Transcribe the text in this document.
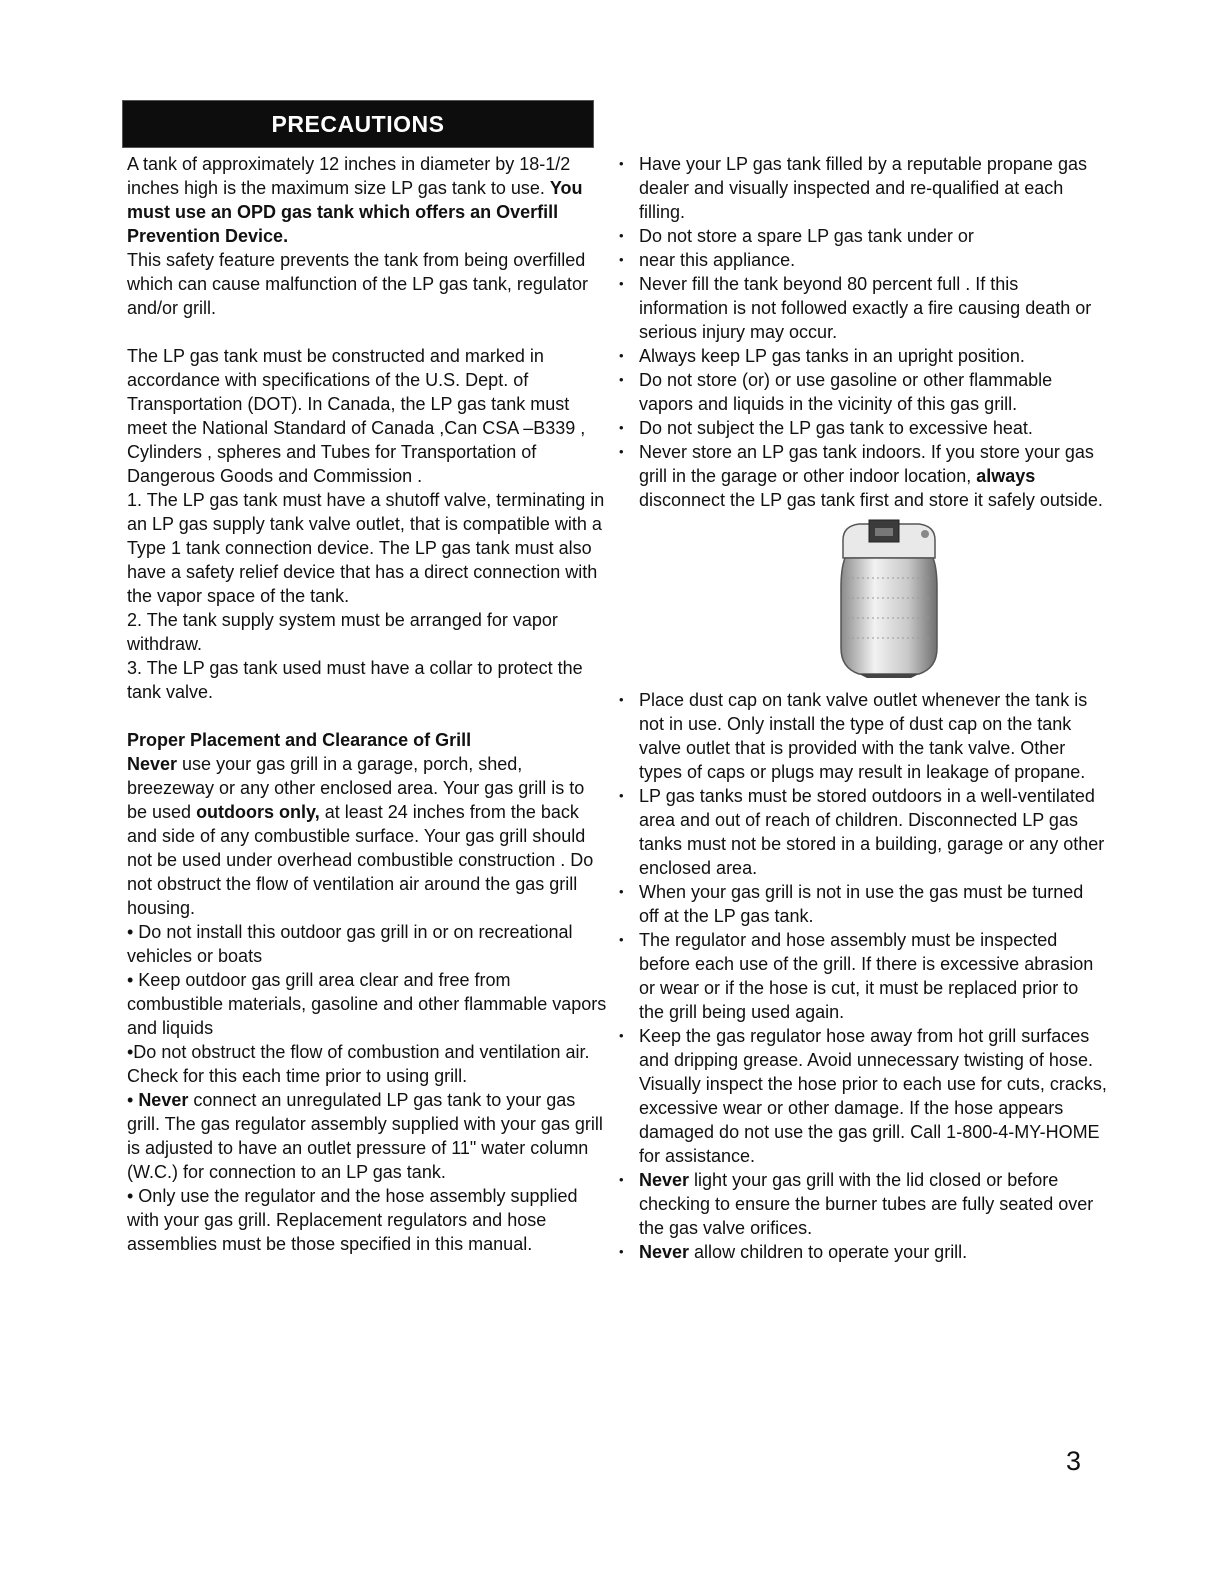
PRECAUTIONS

A tank of approximately 12 inches in diameter by 18-1/2 inches high is the maximum size LP gas tank to use. You must use an OPD gas tank which offers an Overfill Prevention Device.

This safety feature prevents the tank from being overfilled which can cause malfunction of the LP gas tank, regulator and/or grill.

The LP gas tank must be constructed and marked in accordance with specifications of the U.S. Dept. of Transportation (DOT). In Canada, the LP gas tank must meet the National Standard of Canada ,Can CSA –B339 , Cylinders , spheres and Tubes for Transportation of Dangerous Goods and Commission .

1. The LP gas tank must have a shutoff valve, terminating in an LP gas supply tank valve outlet, that is compatible with a Type 1 tank connection device. The LP gas tank must also have a safety relief device that has a direct connection with the vapor space of the tank.

2. The tank supply system must be arranged for vapor withdraw.

3. The LP gas tank used must have a collar to protect the tank valve.

Proper Placement and Clearance of Grill

Never use your gas grill in a garage, porch, shed, breezeway or any other enclosed area. Your gas grill is to be used outdoors only, at least 24 inches from the back and side of any combustible surface. Your gas grill should not be used under overhead combustible construction . Do not obstruct the flow of ventilation air around the gas grill housing.

• Do not install this outdoor gas grill in or on recreational vehicles or boats

• Keep outdoor gas grill area clear and free from combustible materials, gasoline and other flammable vapors and liquids

•Do not obstruct the flow of combustion and ventilation air. Check for this each time prior to using grill.

• Never connect an unregulated LP gas tank to your gas grill. The gas regulator assembly supplied with your gas grill is adjusted to have an outlet pressure of 11" water column (W.C.) for connection to an LP gas tank.

• Only use the regulator and the hose assembly supplied with your gas grill. Replacement regulators and hose assemblies must be those specified in this manual.

• Have your LP gas tank filled by a reputable propane gas dealer and visually inspected and re-qualified at each filling.
• Do not store a spare LP gas tank under or
• near this appliance.
• Never fill the tank beyond 80 percent full . If this information is not followed exactly a fire causing death or serious injury may occur.
• Always keep LP gas tanks in an upright position.
• Do not store (or) or use gasoline or other flammable vapors and liquids in the vicinity of this gas grill.
• Do not subject the LP gas tank to excessive heat.
• Never store an LP gas tank indoors. If you store your gas grill in the garage or other indoor location, always disconnect the LP gas tank first and store it safely outside.
• Place dust cap on tank valve outlet whenever the tank is not in use. Only install the type of dust cap on the tank valve outlet that is provided with the tank valve. Other types of caps or plugs may result in leakage of propane.
• LP gas tanks must be stored outdoors in a well-ventilated area and out of reach of children. Disconnected LP gas tanks must not be stored in a building, garage or any other enclosed area.
• When your gas grill is not in use the gas must be turned off at the LP gas tank.
• The regulator and hose assembly must be inspected before each use of the grill. If there is excessive abrasion or wear or if the hose is cut, it must be replaced prior to the grill being used again.
• Keep the gas regulator hose away from hot grill surfaces and dripping grease. Avoid unnecessary twisting of hose. Visually inspect the hose prior to each use for cuts, cracks, excessive wear or other damage. If the hose appears damaged do not use the gas grill. Call 1-800-4-MY-HOME for assistance.
• Never light your gas grill with the lid closed or before checking to ensure the burner tubes are fully seated over the gas valve orifices.
• Never allow children to operate your grill.
3
